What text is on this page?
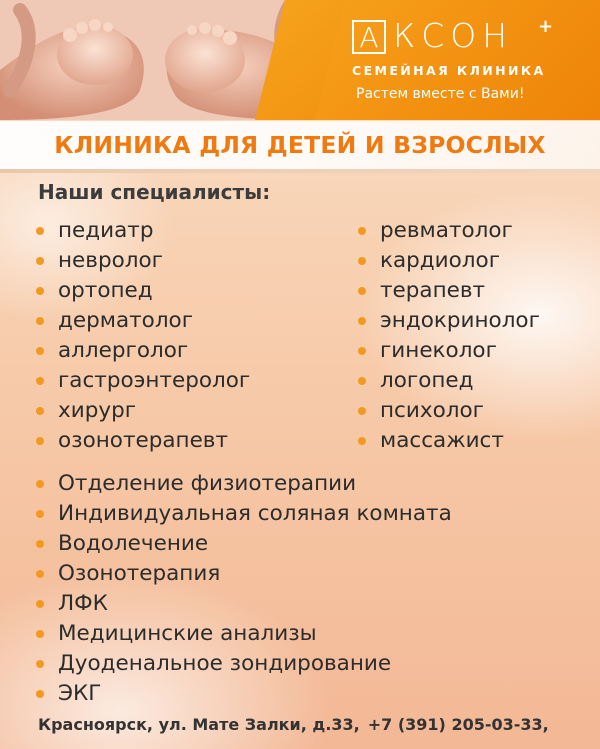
А КСОН +
СЕМЕЙНАЯ КЛИНИКА
Растем вместе с Вами!
КЛИНИКА ДЛЯ ДЕТЕЙ И ВЗРОСЛЫХ
Наши специалисты:
педиатр
невролог
ортопед
дерматолог
аллерголог
гастроэнтеролог
хирург
озонотерапевт
ревматолог
кардиолог
терапевт
эндокринолог
гинеколог
логопед
психолог
массажист
Отделение физиотерапии
Индивидуальная соляная комната
Водолечение
Озонотерапия
ЛФК
Медицинские анализы
Дуоденальное зондирование
ЭКГ
Красноярск, ул. Мате Залки, д.33, +7 (391) 205-03-33,
